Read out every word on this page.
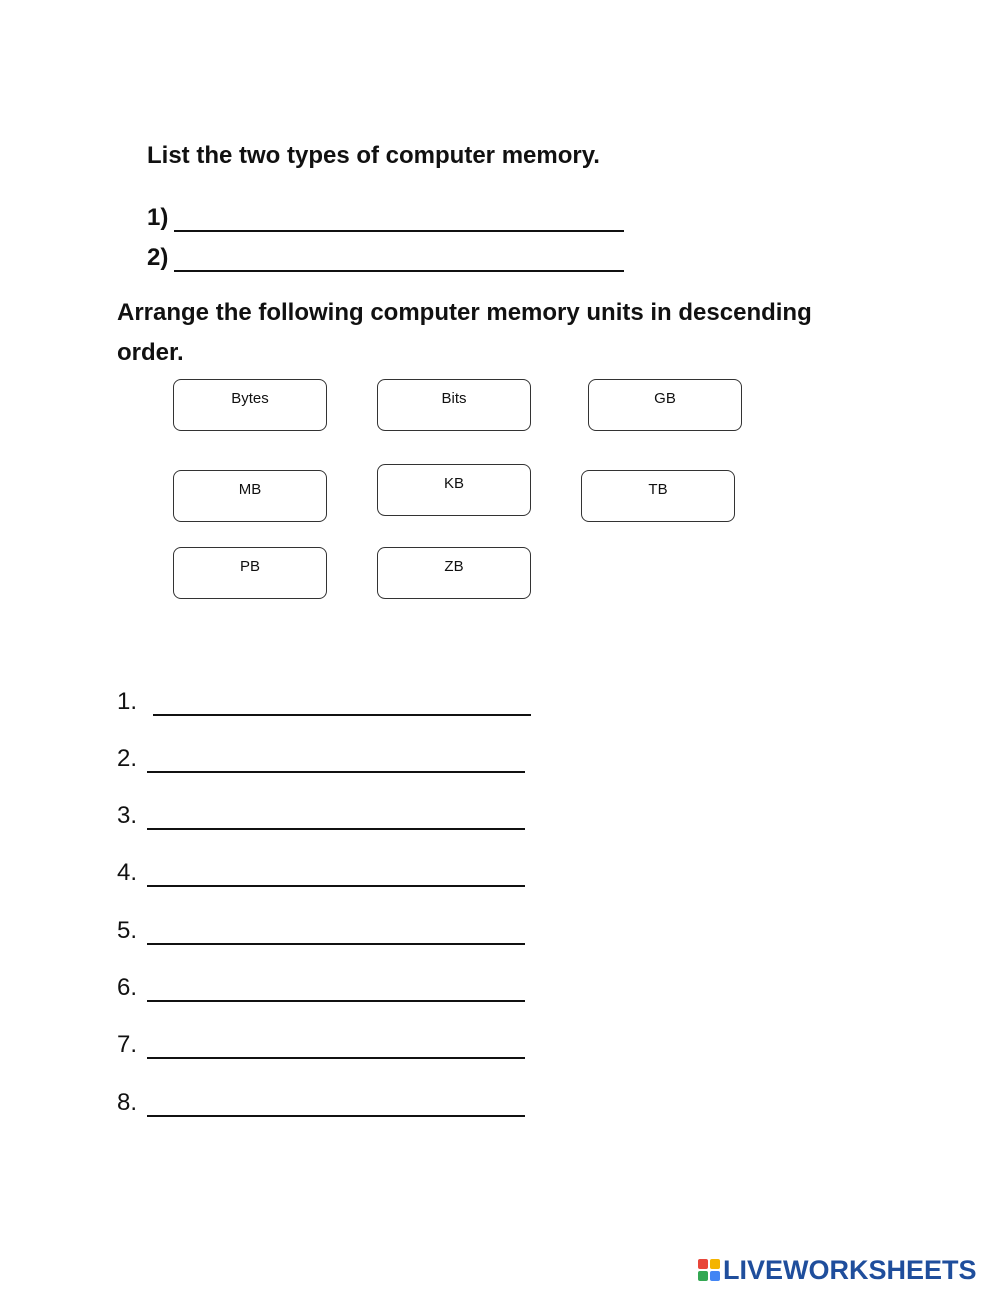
List the two types of computer memory.

1)
2)

Arrange the following computer memory units in descending order.

Bytes	Bits	GB
MB	KB	TB
PB	ZB
1.
2.
3.
4.
5.
6.
7.
8.
LIVEWORKSHEETS
